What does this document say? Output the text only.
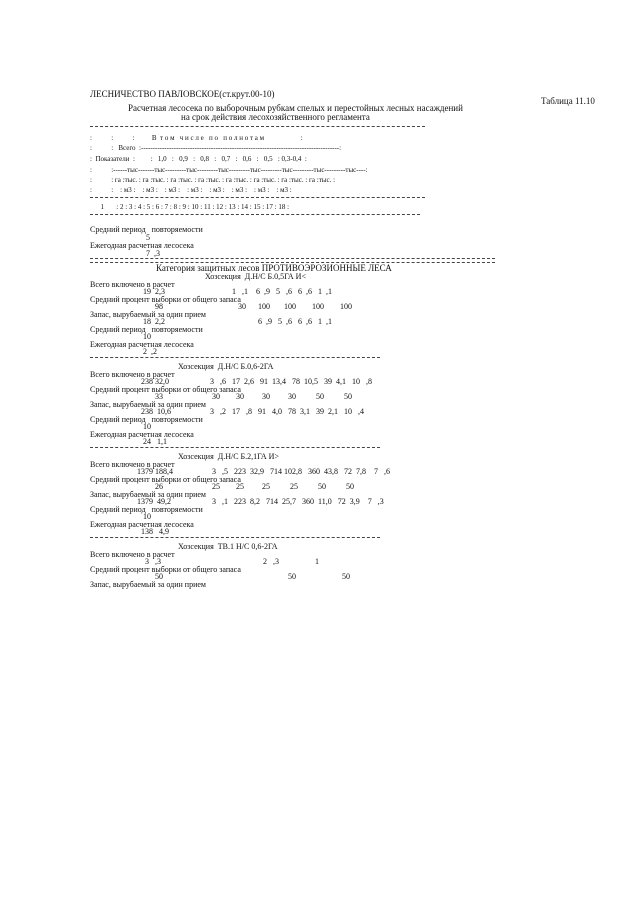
ЛЕСНИЧЕСТВО ПАВЛОВСКОЕ(ст.крут.00-10)
Таблица 11.10
Расчетная лесосека по выборочным рубкам спелых и перестойных лесных насаждений
на срок действия лесохозяйственного регламента
:           :           :          В  т о м   ч и с л е   п о   п о л н о т а м                     :
:           :   Всего  :-------------------------------------------------------------------------------------:
:  Показатели  :         :   1,0   :   0,9   :   0,8   :   0,7   :   0,6   :   0,5   : 0,3-0,4  :
:           :------тыс-------тыс---------тыс---------тыс---------тыс---------тыс---------тыс---------тыс----:
:           : га :тыс. : га :тыс. : га :тыс. : га :тыс. : га :тыс. : га :тыс. : га :тыс. : га :тыс. :
:           :    : м3 :    : м3 :    : м3 :    : м3 :    : м3 :    : м3 :    : м3 :    : м3 :
1       : 2 : 3 : 4 : 5 : 6 : 7 : 8 : 9 : 10 : 11 : 12 : 13 : 14 : 15 : 17 : 18 :
Средний период   повторяемости
5
Ежегодная расчетная лесосека
7  ,3
Категория защитных лесов ПРОТИВОЭРОЗИОННЫЕ ЛЕСА
Хозсекция  Д.Н/С Б.0,5ГА И<
Всего включено в расчет
19  2,3	1   ,1    6  ,9   5   ,6   6  ,6   1  ,1
Средний процент выборки от общего запаса
98	30      100       100        100        100
Запас, вырубаемый за один прием
18  2,2	6  ,9   5  ,6   6  ,6   1  ,1
Средний период   повторяемости
10
Ежегодная расчетная лесосека
2  ,2
Хозсекция  Д.Н/С Б.0,6-2ГА
Всего включено в расчет
238 32,0	3   ,6   17  2,6   91  13,4   78  10,5   39  4,1   10   ,8
Средний процент выборки от общего запаса
33	30        30         30         30          50          50
Запас, вырубаемый за один прием
238  10,6	3   ,2   17   ,8   91   4,0   78  3,1   39  2,1   10   ,4
Средний период   повторяемости
10
Ежегодная расчетная лесосека
24   1,1
Хозсекция  Д.Н/С Б.2,1ГА И>
Всего включено в расчет
1379 188,4	3   ,5   223  32,9   714 102,8   360  43,8   72  7,8    7   ,6
Средний процент выборки от общего запаса
26	25        25         25          25          50          50
Запас, вырубаемый за один прием
1379  49,2	3   ,1   223  8,2   714  25,7   360  11,0   72  3,9    7   ,3
Средний период   повторяемости
10
Ежегодная расчетная лесосека
138   4,9
Хозсекция  ТВ.1 Н/С 0,6-2ГА
Всего включено в расчет
3   ,3	2   ,3                  1
Средний процент выборки от общего запаса
50	50                       50
Запас, вырубаемый за один прием
